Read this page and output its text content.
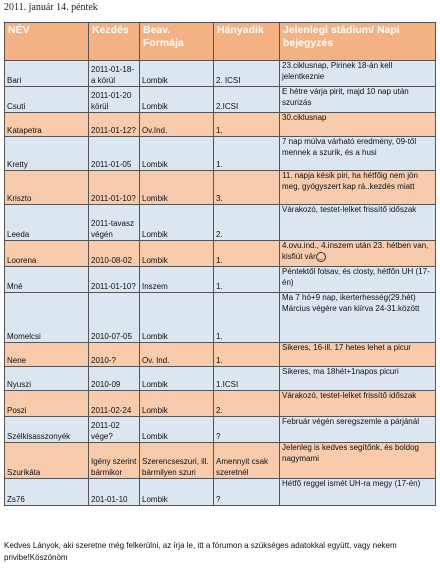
2011. január 14. péntek
NÉV	Kezdés	Beav. Formája	Hányadik	Jelenlegi stádium/ Napi bejegyzés
Bari	2011-01-18-a körül	Lombik	2. ICSI	23.ciklusnap, Pirinek 18-án kell jelentkeznie
Csuti	2011-01-20 körül	Lombik	2.ICSI	E hétre várja pirit, majd 10 nap után szurizás
Katapetra	2011-01-12?	Ov.Ind.	1.	30.ciklusnap
Kretty	2011-01-05	Lombik	1.	7 nap múlva várható eredmény, 09-től mennek a szurik, és a husi
Kriszto	2011-01-10?	Lombik	3.	11. napja késik piri, ha hétfőig nem jön meg, gyógyszert kap rá..kezdés miatt
Leeda	2011-tavasz végén	Lombik	2.	Várakozó, testet-lelket frissítő időszak
Loorena	2010-08-02	Lombik	1.	4.ovu.ind., 4.inszem után 23. hétben van, kisfiút vár ‿
Mné	2011-01-10?	Inszem	1.	Péntektől folsav, és closty, hétfőn UH (17-én)
Momelcsi	2010-07-05	Lombik	1.	Ma 7 hó+9 nap, ikerterhesség(29.hét) Március végére van kiírva 24-31.között
Nene	2010-?	Ov. Ind.	1.	Sikeres, 16-ill. 17 hetes lehet a picur
Nyuszi	2010-09	Lombik	1.ICSI	Sikeres, ma 18hét+1napos picuri
Poszi	2011-02-24	Lombik	2.	Várakozó, testet-lelket frissítő időszak
Szélkisasszonyék	2011-02 vége?	Lombik	?	Február végén seregszemle a párjánál
Szurikáta	Igény szerint bármikor	Szerencseszuri, ill. bármilyen szuri	Amennyit csak szeretnél	Jelenleg is kedves segítőnk, és boldog nagymami
Zs76	201-01-10	Lombik	?	Hétfő reggel ismét UH-ra megy (17-én)
Kedves Lányok, aki szeretne még felkerülni, az írja le, itt a fórumon a szükséges adatokkal együtt, vagy nekem privibe!Köszönöm
